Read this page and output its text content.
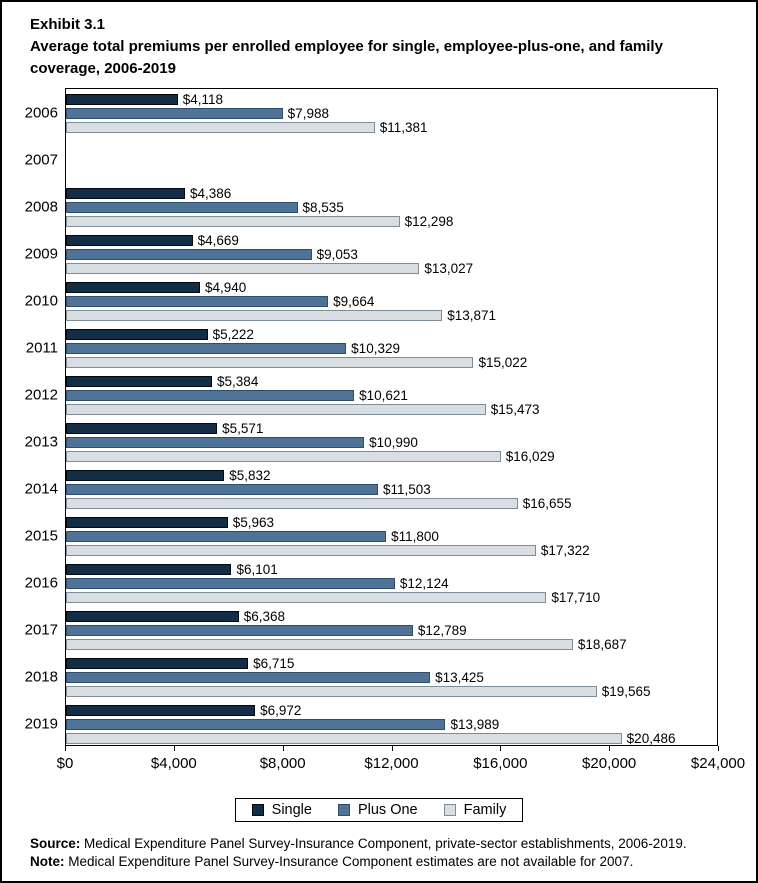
Exhibit 3.1
Average total premiums per enrolled employee for single, employee-plus-one, and family coverage, 2006-2019
2006
$4,118
$7,988
$11,381
2007
2008
$4,386
$8,535
$12,298
2009
$4,669
$9,053
$13,027
2010
$4,940
$9,664
$13,871
2011
$5,222
$10,329
$15,022
2012
$5,384
$10,621
$15,473
2013
$5,571
$10,990
$16,029
2014
$5,832
$11,503
$16,655
2015
$5,963
$11,800
$17,322
2016
$6,101
$12,124
$17,710
2017
$6,368
$12,789
$18,687
2018
$6,715
$13,425
$19,565
2019
$6,972
$13,989
$20,486
$0	$4,000	$8,000	$12,000	$16,000	$20,000	$24,000
Single	Plus One	Family
Source: Medical Expenditure Panel Survey-Insurance Component, private-sector establishments, 2006-2019.
Note: Medical Expenditure Panel Survey-Insurance Component estimates are not available for 2007.
